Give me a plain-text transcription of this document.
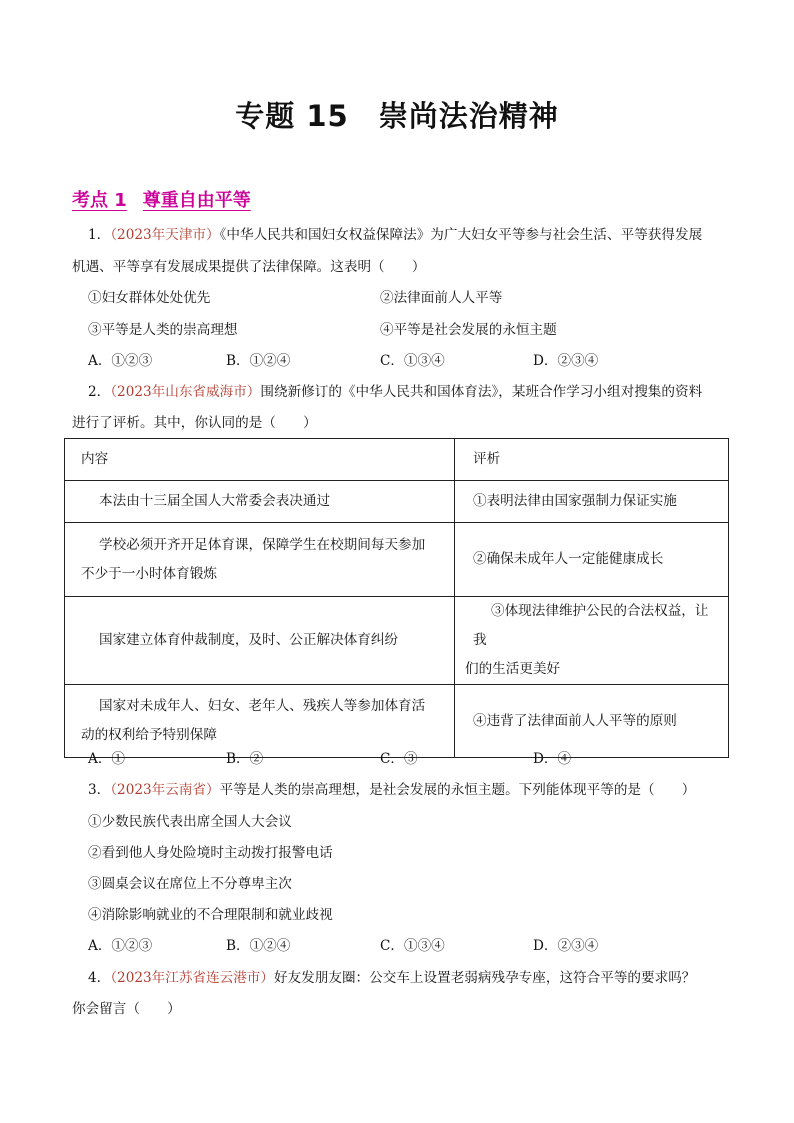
专题 15 崇尚法治精神
考点 1 尊重自由平等
1．（2023年天津市）《中华人民共和国妇女权益保障法》为广大妇女平等参与社会生活、平等获得发展
机遇、平等享有发展成果提供了法律保障。这表明（　　）
①妇女群体处处优先	②法律面前人人平等
③平等是人类的崇高理想	④平等是社会发展的永恒主题
A．①②③	B．①②④	C．①③④	D．②③④
2．（2023年山东省威海市）围绕新修订的《中华人民共和国体育法》，某班合作学习小组对搜集的资料
进行了评析。其中，你认同的是（　　）
内容	评析
本法由十三届全国人大常委会表决通过	①表明法律由国家强制力保证实施

学校必须开齐开足体育课，保障学生在校期间每天参加
不少于一小时体育锻炼	②确保未成年人一定能健康成长
国家建立体育仲裁制度，及时、公正解决体育纠纷	③体现法律维护公民的合法权益，让我
们的生活更美好

国家对未成年人、妇女、老年人、残疾人等参加体育活
动的权利给予特别保障	④违背了法律面前人人平等的原则
A．①	B．②	C．③	D．④
3．（2023年云南省）平等是人类的崇高理想，是社会发展的永恒主题。下列能体现平等的是（　　）
①少数民族代表出席全国人大会议
②看到他人身处险境时主动拨打报警电话
③圆桌会议在席位上不分尊卑主次
④消除影响就业的不合理限制和就业歧视
A．①②③	B．①②④	C．①③④	D．②③④
4．（2023年江苏省连云港市）好友发朋友圈：公交车上设置老弱病残孕专座，这符合平等的要求吗？
你会留言（　　）
